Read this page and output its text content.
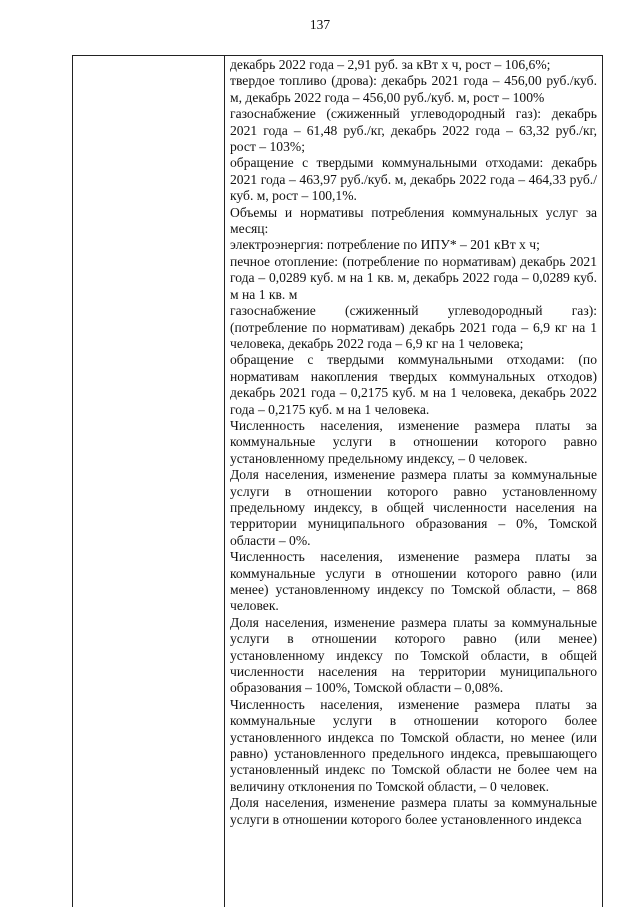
137

декабрь 2022 года – 2,91 руб. за кВт х ч, рост – 106,6%;

твердое топливо (дрова): декабрь 2021 года – 456,00 руб./куб. м, декабрь 2022 года – 456,00 руб./куб. м, рост – 100%

газоснабжение (сжиженный углеводородный газ): декабрь 2021 года – 61,48 руб./кг, декабрь 2022 года – 63,32 руб./кг, рост – 103%;

обращение с твердыми коммунальными отходами: декабрь 2021 года – 463,97 руб./куб. м, декабрь 2022 года – 464,33 руб./куб. м, рост – 100,1%.

Объемы и нормативы потребления коммунальных услуг за месяц:

электроэнергия: потребление по ИПУ* – 201 кВт х ч;

печное отопление: (потребление по нормативам) декабрь 2021 года – 0,0289 куб. м на 1 кв. м, декабрь 2022 года – 0,0289 куб. м на 1 кв. м

газоснабжение (сжиженный углеводородный газ): (потребление по нормативам) декабрь 2021 года – 6,9 кг на 1 человека, декабрь 2022 года – 6,9 кг на 1 человека;

обращение с твердыми коммунальными отходами: (по нормативам накопления твердых коммунальных отходов) декабрь 2021 года – 0,2175 куб. м на 1 человека, декабрь 2022 года – 0,2175 куб. м на 1 человека.

Численность населения, изменение размера платы за коммунальные услуги в отношении которого равно установленному предельному индексу, – 0 человек.

Доля населения, изменение размера платы за коммунальные услуги в отношении которого равно установленному предельному индексу, в общей численности населения на территории муниципального образования – 0%, Томской области – 0%.

Численность населения, изменение размера платы за коммунальные услуги в отношении которого равно (или менее) установленному индексу по Томской области, – 868 человек.

Доля населения, изменение размера платы за коммунальные услуги в отношении которого равно (или менее) установленному индексу по Томской области, в общей численности населения на территории муниципального образования – 100%, Томской области – 0,08%.

Численность населения, изменение размера платы за коммунальные услуги в отношении которого более установленного индекса по Томской области, но менее (или равно) установленного предельного индекса, превышающего установленный индекс по Томской области не более чем на величину отклонения по Томской области, – 0 человек.

Доля населения, изменение размера платы за коммунальные услуги в отношении которого более установленного индекса
